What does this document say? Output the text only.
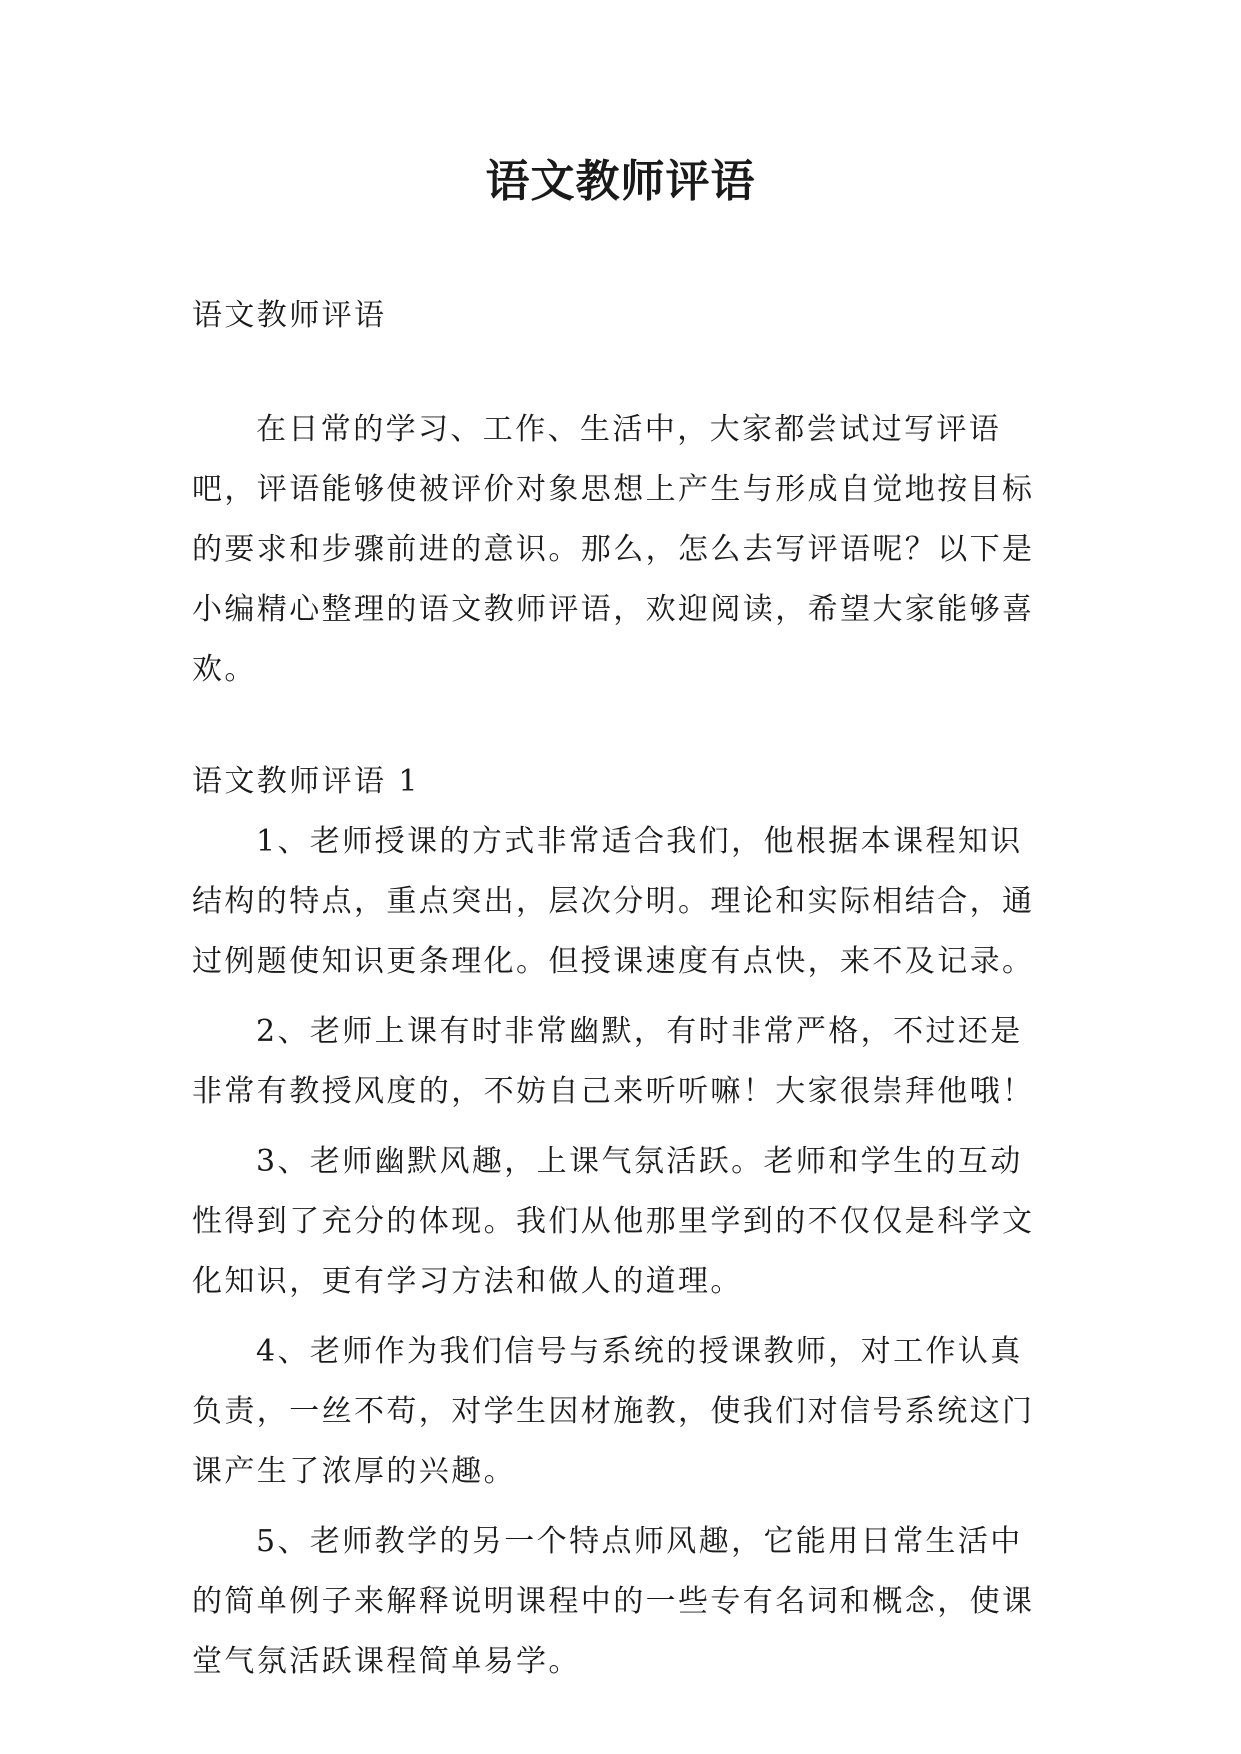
语文教师评语

语文教师评语

在日常的学习、工作、生活中，大家都尝试过写评语吧，评语能够使被评价对象思想上产生与形成自觉地按目标的要求和步骤前进的意识。那么，怎么去写评语呢？以下是小编精心整理的语文教师评语，欢迎阅读，希望大家能够喜欢。

语文教师评语 1

1、老师授课的方式非常适合我们，他根据本课程知识结构的特点，重点突出，层次分明。理论和实际相结合，通过例题使知识更条理化。但授课速度有点快，来不及记录。

2、老师上课有时非常幽默，有时非常严格，不过还是非常有教授风度的，不妨自己来听听嘛！大家很崇拜他哦！

3、老师幽默风趣，上课气氛活跃。老师和学生的互动性得到了充分的体现。我们从他那里学到的不仅仅是科学文化知识，更有学习方法和做人的道理。

4、老师作为我们信号与系统的授课教师，对工作认真负责，一丝不苟，对学生因材施教，使我们对信号系统这门课产生了浓厚的兴趣。

5、老师教学的另一个特点师风趣，它能用日常生活中的简单例子来解释说明课程中的一些专有名词和概念，使课堂气氛活跃课程简单易学。
